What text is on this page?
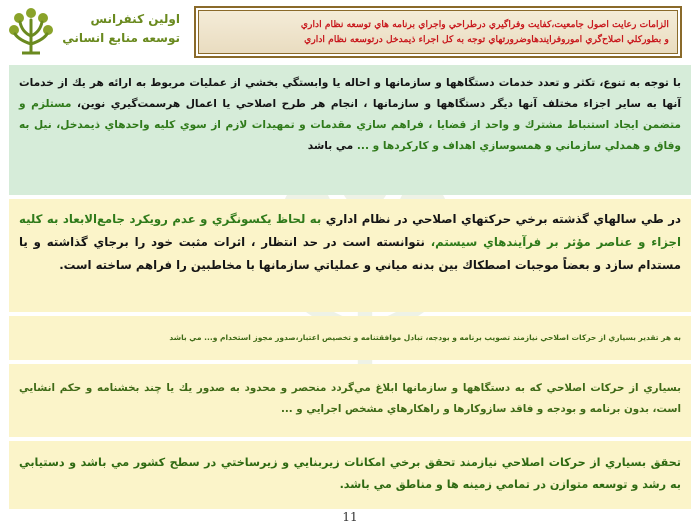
الزامات رعايت اصول جامعيت،كفايت وفراگيري درطراحي واجراي برنامه هاي توسعه نظام اداري
و بطوركلي اصلاح‌گري اموروفرايندهاوضرورتهاي توجه به كل اجراء ذيمدخل درتوسعه نظام اداري
اولين كنفرانس
توسعه منابع انساني
با توجه به تنوع، تكثر و تعدد خدمات دستگاهها و سازمانها و احاله يا وابستگي بخشي از عمليات مربوط به ارائه هر يك از خدمات آنها به ساير اجزاء مختلف آنها ديگر دستگاهها و سازمانها ، انجام هر طرح اصلاحي يا اعمال هرسمت‌گيري نوين، مستلزم و متضمن ايجاد استنباط مشترك و واحد از قضايا ، فراهم سازي مقدمات و تمهيدات لازم از سوي كليه واحدهاي ذيمدخل، نيل به وفاق و همدلي سازماني و همسوسازي اهداف و كاركردها و ... مي باشد
در طي سالهاي گذشته برخي حركتهاي اصلاحي در نظام اداري به لحاظ يكسونگري و عدم رويكرد جامع‌الابعاد به كليه اجزاء و عناصر مؤثر بر فرآيندهاي سيستم، نتوانسته است در حد انتظار ، اثرات مثبت خود را برجاي گذاشته و يا مستدام سازد و بعضاً موجبات اصطكاك بين بدنه مياني و عملياتي سازمانها با مخاطبين را فراهم ساخته است.
به هر تقدير بسياري از حركات اصلاحي نيازمند تصويب برنامه و بودجه، تبادل موافقتنامه و تخصيص اعتبار،صدور مجوز استخدام و... مي باشد
بسياري از حركات اصلاحي كه به دستگاهها و سازمانها ابلاغ مي‌گردد منحصر و محدود به صدور يك يا چند بخشنامه و حكم انشايي است، بدون برنامه و بودجه و فاقد سازوكارها و راهكارهاي مشخص اجرايي و ...
تحقق بسياري از حركات اصلاحي نيازمند تحقق برخي امكانات زيربنايي و زيرساختي در سطح كشور مي باشد و دستيابي به رشد و توسعه متوازن در تمامي زمينه ها و مناطق مي باشد.
11
